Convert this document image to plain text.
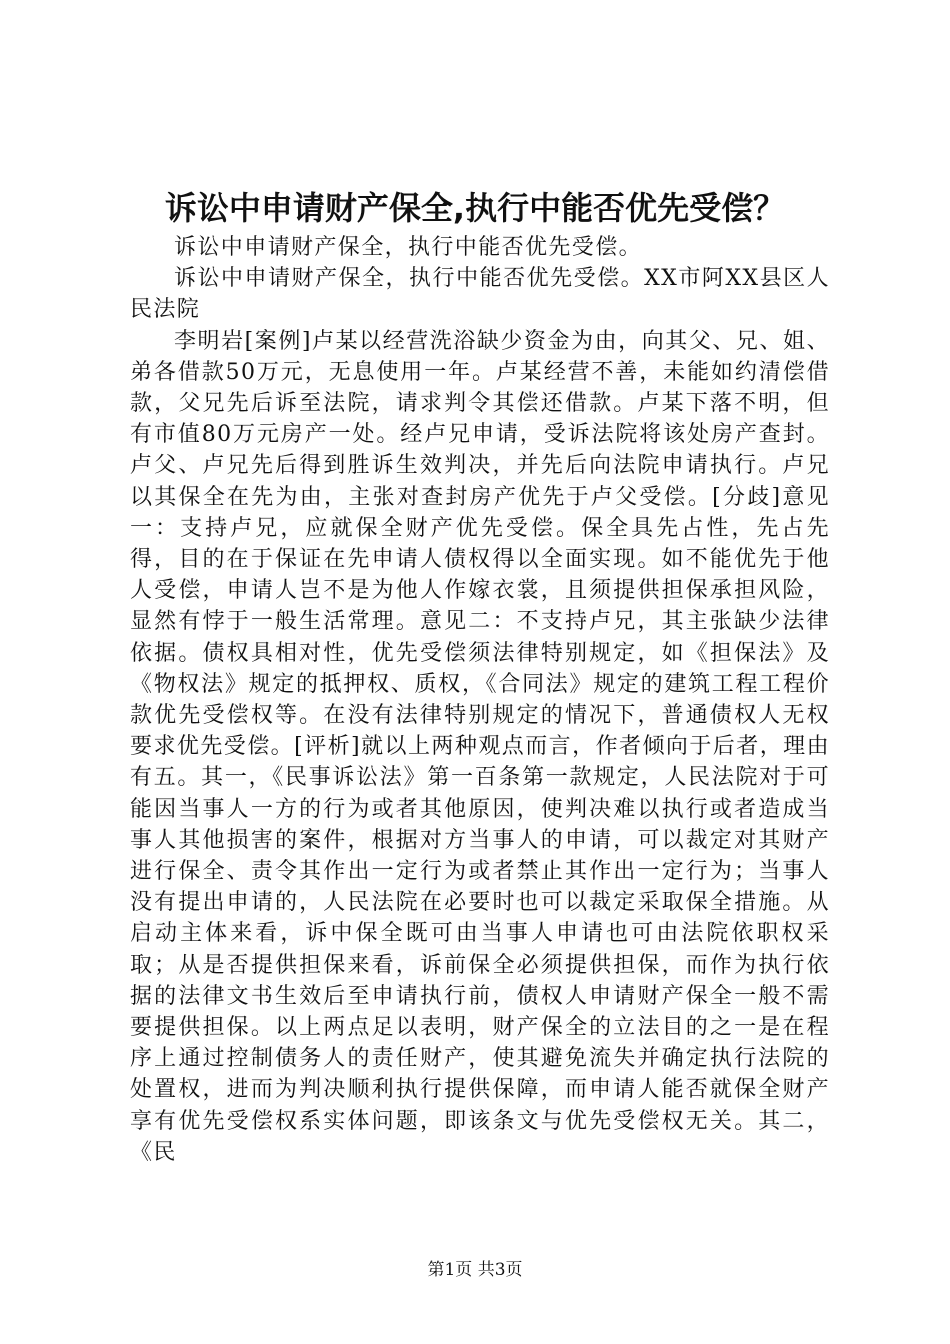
诉讼中申请财产保全,执行中能否优先受偿？

诉讼中申请财产保全，执行中能否优先受偿。

诉讼中申请财产保全，执行中能否优先受偿。XX市阿XX县区人民法院

李明岩[案例]卢某以经营洗浴缺少资金为由，向其父、兄、姐、弟各借款50万元，无息使用一年。卢某经营不善，未能如约清偿借款，父兄先后诉至法院，请求判令其偿还借款。卢某下落不明，但有市值80万元房产一处。经卢兄申请，受诉法院将该处房产查封。卢父、卢兄先后得到胜诉生效判决，并先后向法院申请执行。卢兄以其保全在先为由，主张对查封房产优先于卢父受偿。[分歧]意见一：支持卢兄，应就保全财产优先受偿。保全具先占性，先占先得，目的在于保证在先申请人债权得以全面实现。如不能优先于他人受偿，申请人岂不是为他人作嫁衣裳，且须提供担保承担风险，显然有悖于一般生活常理。意见二：不支持卢兄，其主张缺少法律依据。债权具相对性，优先受偿须法律特别规定，如《担保法》及《物权法》规定的抵押权、质权，《合同法》规定的建筑工程工程价款优先受偿权等。在没有法律特别规定的情况下，普通债权人无权要求优先受偿。[评析]就以上两种观点而言，作者倾向于后者，理由有五。其一，《民事诉讼法》第一百条第一款规定，人民法院对于可能因当事人一方的行为或者其他原因，使判决难以执行或者造成当事人其他损害的案件，根据对方当事人的申请，可以裁定对其财产进行保全、责令其作出一定行为或者禁止其作出一定行为；当事人没有提出申请的，人民法院在必要时也可以裁定采取保全措施。从启动主体来看，诉中保全既可由当事人申请也可由法院依职权采取；从是否提供担保来看，诉前保全必须提供担保，而作为执行依据的法律文书生效后至申请执行前，债权人申请财产保全一般不需要提供担保。以上两点足以表明，财产保全的立法目的之一是在程序上通过控制债务人的责任财产，使其避免流失并确定执行法院的处置权，进而为判决顺利执行提供保障，而申请人能否就保全财产享有优先受偿权系实体问题，即该条文与优先受偿权无关。其二，《民

第1页 共3页
